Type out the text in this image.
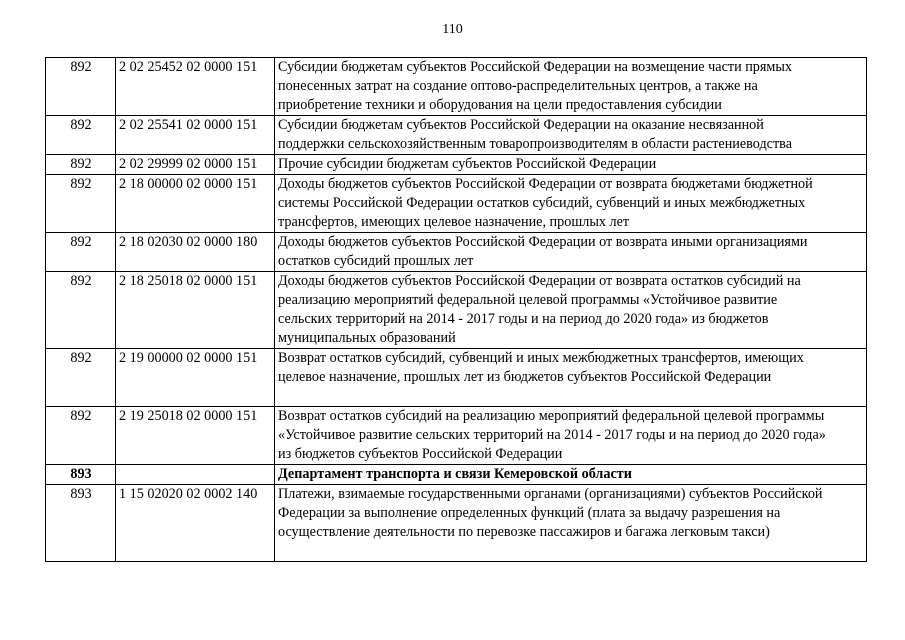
110
892	2 02 25452 02 0000 151	Субсидии бюджетам субъектов Российской Федерации на возмещение части прямых
понесенных затрат на создание оптово-распределительных центров, а также на
приобретение техники и оборудования на цели предоставления субсидии

892	2 02 25541 02 0000 151	Субсидии бюджетам субъектов Российской Федерации на оказание несвязанной
поддержки сельскохозяйственным товаропроизводителям в области растениеводства

892	2 02 29999 02 0000 151	Прочие субсидии бюджетам субъектов Российской Федерации

892	2 18 00000 02 0000 151	Доходы бюджетов субъектов Российской Федерации от возврата бюджетами бюджетной
системы Российской Федерации остатков субсидий, субвенций и иных межбюджетных
трансфертов, имеющих целевое назначение, прошлых лет

892	2 18 02030 02 0000 180	Доходы бюджетов субъектов Российской Федерации от возврата иными организациями
остатков субсидий прошлых лет

892	2 18 25018 02 0000 151	Доходы бюджетов субъектов Российской Федерации от возврата остатков субсидий на
реализацию мероприятий федеральной целевой программы «Устойчивое развитие
сельских территорий на 2014 - 2017 годы и на период до 2020 года» из бюджетов
муниципальных образований

892	2 19 00000 02 0000 151	Возврат остатков субсидий, субвенций и иных межбюджетных трансфертов, имеющих
целевое назначение, прошлых лет из бюджетов субъектов Российской Федерации

892	2 19 25018 02 0000 151	Возврат остатков субсидий на реализацию мероприятий федеральной целевой программы
«Устойчивое развитие сельских территорий на 2014 - 2017 годы и на период до 2020 года»
из бюджетов субъектов Российской Федерации

893		Департамент транспорта и связи Кемеровской области

893	1 15 02020 02 0002 140	Платежи, взимаемые государственными органами (организациями) субъектов Российской
Федерации за выполнение определенных функций (плата за выдачу разрешения на
осуществление деятельности по перевозке пассажиров и багажа легковым такси)
